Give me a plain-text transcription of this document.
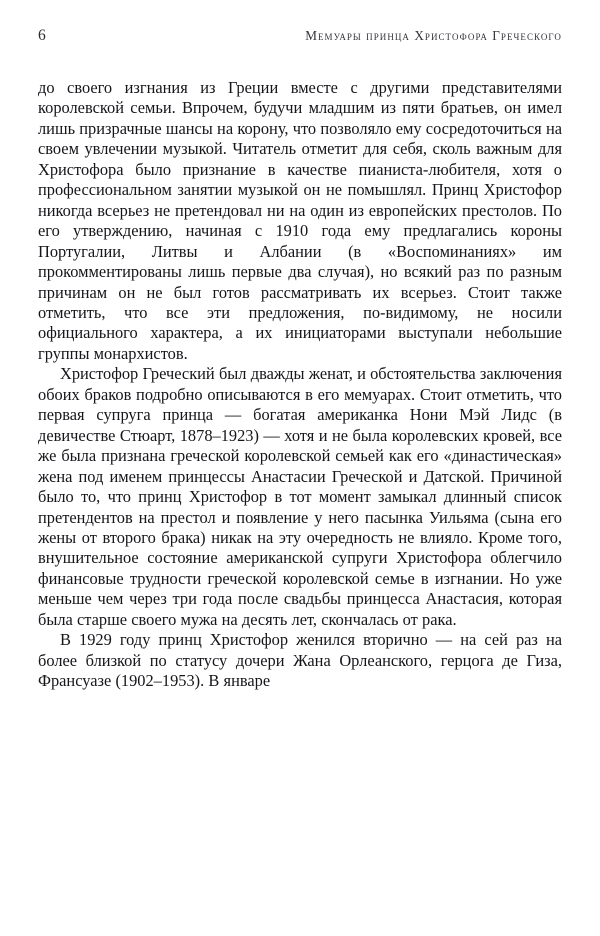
6	Мемуары принца Христофора Греческого

до своего изгнания из Греции вместе с другими представителями королевской семьи. Впрочем, будучи младшим из пяти братьев, он имел лишь призрачные шансы на корону, что позволяло ему сосредоточиться на своем увлечении музыкой. Читатель отметит для себя, сколь важным для Христофора было признание в качестве пианиста-любителя, хотя о профессиональном занятии музыкой он не помышлял. Принц Христофор никогда всерьез не претендовал ни на один из европейских престолов. По его утверждению, начиная с 1910 года ему предлагались короны Португалии, Литвы и Албании (в «Воспоминаниях» им прокомментированы лишь первые два случая), но всякий раз по разным причинам он не был готов рассматривать их всерьез. Стоит также отметить, что все эти предложения, по-видимому, не носили официального характера, а их инициаторами выступали небольшие группы монархистов.

Христофор Греческий был дважды женат, и обстоятельства заключения обоих браков подробно описываются в его мемуарах. Стоит отметить, что первая супруга принца — богатая американка Нони Мэй Лидс (в девичестве Стюарт, 1878–1923) — хотя и не была королевских кровей, все же была признана греческой королевской семьей как его «династическая» жена под именем принцессы Анастасии Греческой и Датской. Причиной было то, что принц Христофор в тот момент замыкал длинный список претендентов на престол и появление у него пасынка Уильяма (сына его жены от второго брака) никак на эту очередность не влияло. Кроме того, внушительное состояние американской супруги Христофора облегчило финансовые трудности греческой королевской семье в изгнании. Но уже меньше чем через три года после свадьбы принцесса Анастасия, которая была старше своего мужа на десять лет, скончалась от рака.

В 1929 году принц Христофор женился вторично — на сей раз на более близкой по статусу дочери Жана Орлеанского, герцога де Гиза, Франсуазе (1902–1953). В январе
